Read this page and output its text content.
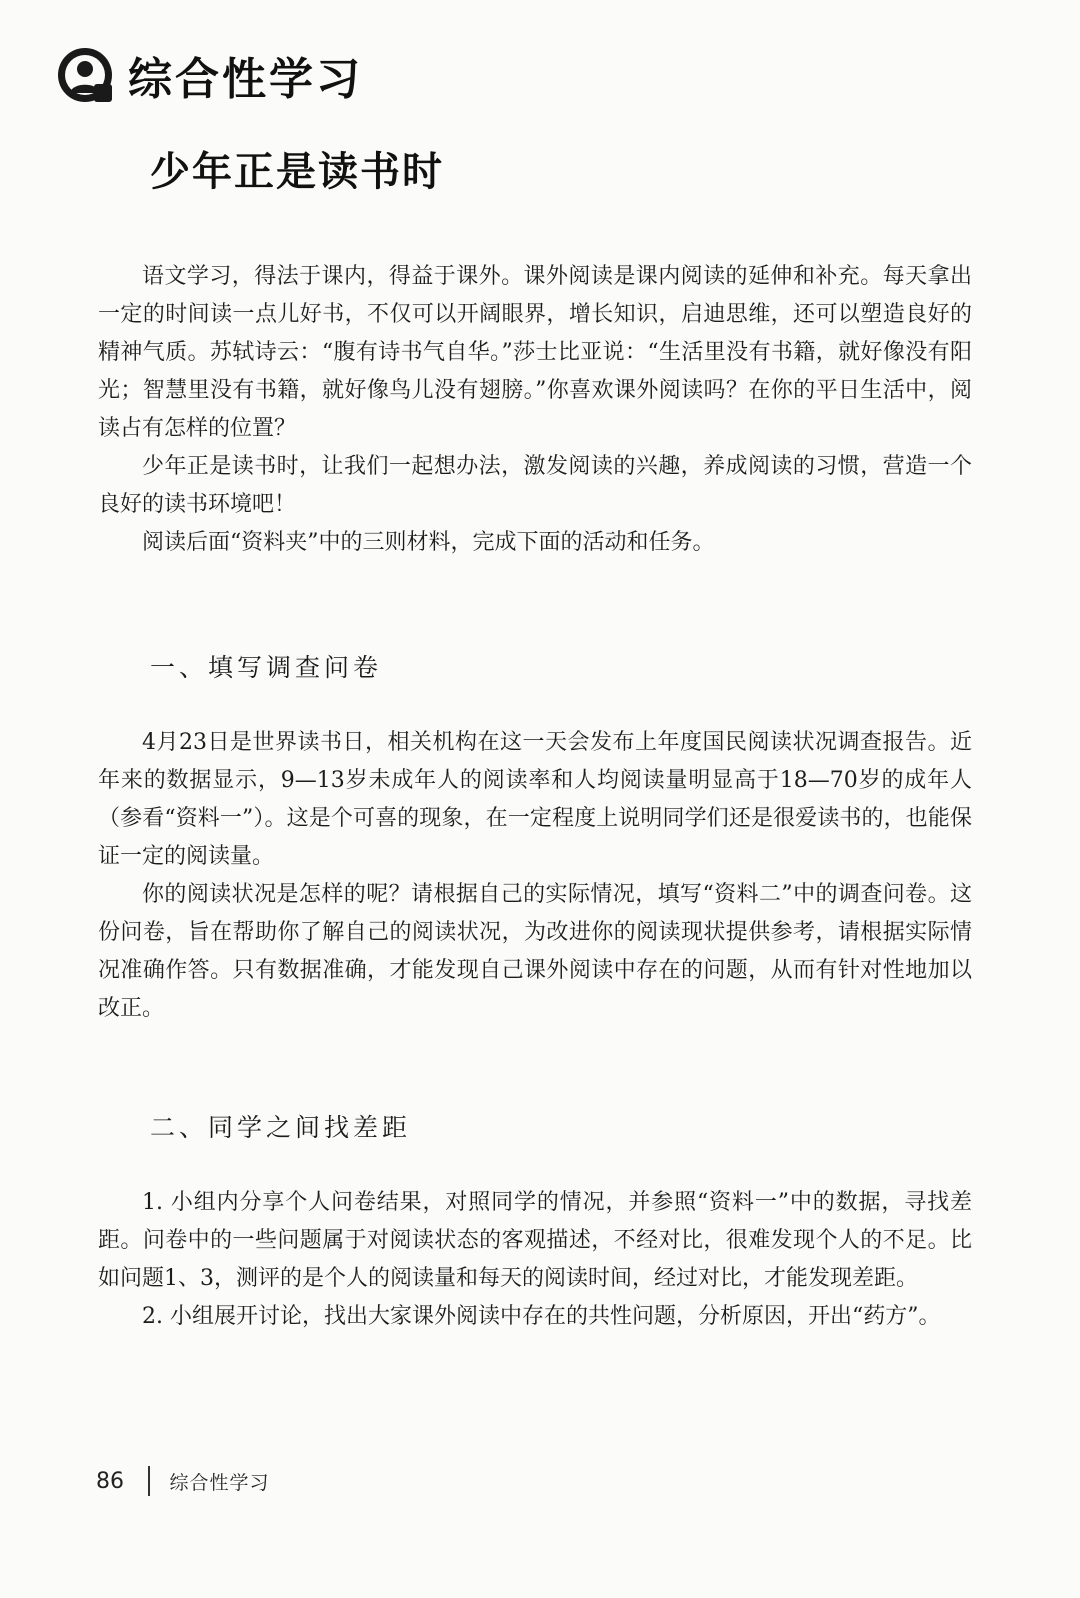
综合性学习
少年正是读书时

语文学习，得法于课内，得益于课外。课外阅读是课内阅读的延伸和补充。每天拿出一定的时间读一点儿好书，不仅可以开阔眼界，增长知识，启迪思维，还可以塑造良好的精神气质。苏轼诗云：“腹有诗书气自华。”莎士比亚说：“生活里没有书籍，就好像没有阳光；智慧里没有书籍，就好像鸟儿没有翅膀。”你喜欢课外阅读吗？在你的平日生活中，阅读占有怎样的位置？

少年正是读书时，让我们一起想办法，激发阅读的兴趣，养成阅读的习惯，营造一个良好的读书环境吧！

阅读后面“资料夹”中的三则材料，完成下面的活动和任务。

一、填写调查问卷

4月23日是世界读书日，相关机构在这一天会发布上年度国民阅读状况调查报告。近年来的数据显示，9—13岁未成年人的阅读率和人均阅读量明显高于18—70岁的成年人（参看“资料一”）。这是个可喜的现象，在一定程度上说明同学们还是很爱读书的，也能保证一定的阅读量。

你的阅读状况是怎样的呢？请根据自己的实际情况，填写“资料二”中的调查问卷。这份问卷，旨在帮助你了解自己的阅读状况，为改进你的阅读现状提供参考，请根据实际情况准确作答。只有数据准确，才能发现自己课外阅读中存在的问题，从而有针对性地加以改正。

二、同学之间找差距

1. 小组内分享个人问卷结果，对照同学的情况，并参照“资料一”中的数据，寻找差距。问卷中的一些问题属于对阅读状态的客观描述，不经对比，很难发现个人的不足。比如问题1、3，测评的是个人的阅读量和每天的阅读时间，经过对比，才能发现差距。

2. 小组展开讨论，找出大家课外阅读中存在的共性问题，分析原因，开出“药方”。

86 综合性学习
